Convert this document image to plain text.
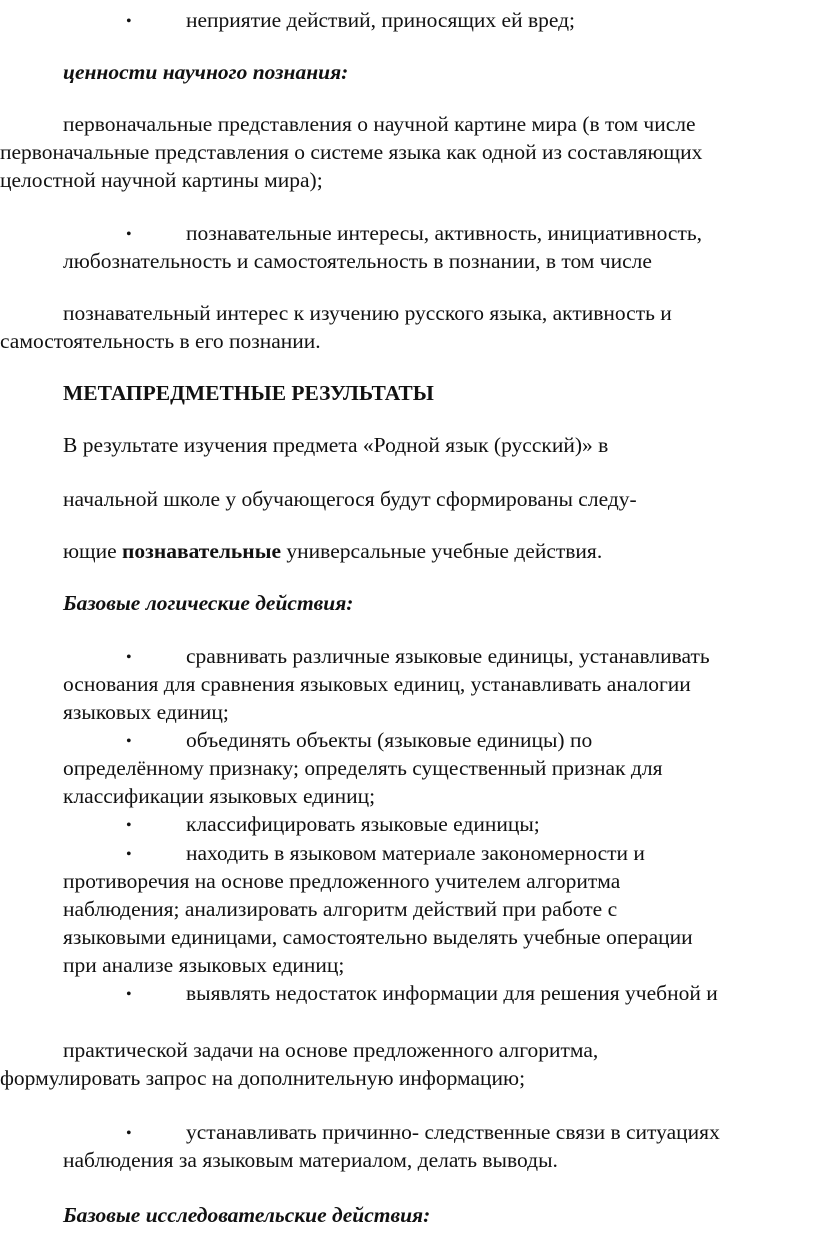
•	неприятие действий, приносящих ей вред;
ценности научного познания:
первоначальные представления о научной картине мира (в том числе
первоначальные представления о системе языка как одной из составляющих
целостной научной картины мира);
•	познавательные интересы, активность, инициативность,
любознательность и самостоятельность в познании, в том числе
познавательный интерес к изучению русского языка, активность и
самостоятельность в его познании.
МЕТАПРЕДМЕТНЫЕ РЕЗУЛЬТАТЫ
В результате изучения предмета «Родной язык (русский)» в
начальной школе у обучающегося будут сформированы следу-
ющие познавательные универсальные учебные действия.
Базовые логические действия:
•	сравнивать различные языковые единицы, устанавливать
основания для сравнения языковых единиц, устанавливать аналогии
языковых единиц;
•	объединять объекты (языковые единицы) по
определённому признаку; определять существенный признак для
классификации языковых единиц;
•	классифицировать языковые единицы;
•	находить в языковом материале закономерности и
противоречия на основе предложенного учителем алгоритма
наблюдения; анализировать алгоритм действий при работе с
языковыми единицами, самостоятельно выделять учебные операции
при анализе языковых единиц;
•	выявлять недостаток информации для решения учебной и
практической задачи на основе предложенного алгоритма,
формулировать запрос на дополнительную информацию;
•	устанавливать причинно- следственные связи в ситуациях
наблюдения за языковым материалом, делать выводы.
Базовые исследовательские действия:
